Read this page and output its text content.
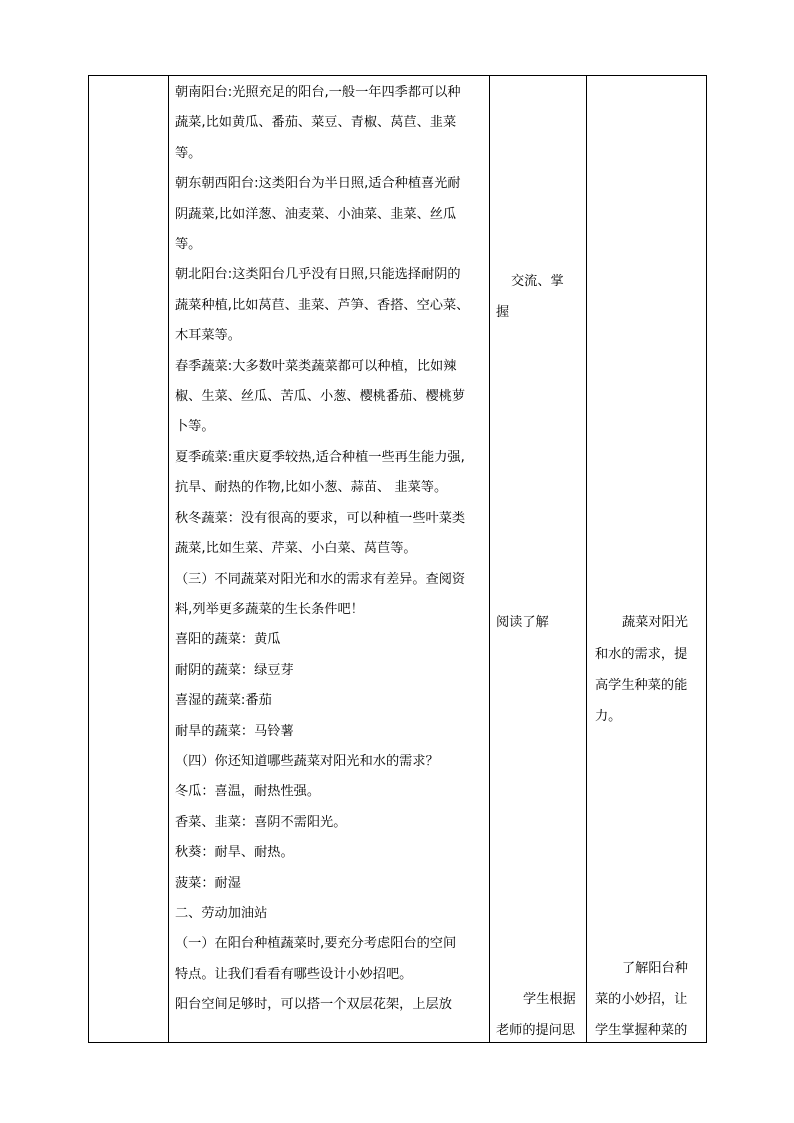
朝南阳台:光照充足的阳台,一般一年四季都可以种

蔬菜,比如黄瓜、番茄、菜豆、青椒、莴苣、韭菜

等。

朝东朝西阳台:这类阳台为半日照,适合种植喜光耐

阴蔬菜,比如洋葱、油麦菜、小油菜、韭菜、丝瓜

等。

朝北阳台:这类阳台几乎没有日照,只能选择耐阴的

蔬菜种植,比如莴苣、韭菜、芦笋、香搭、空心菜、

木耳菜等。

春季蔬菜:大多数叶菜类蔬菜都可以种植，比如辣

椒、生菜、丝瓜、苦瓜、小葱、樱桃番茄、樱桃萝

卜等。

夏季疏菜:重庆夏季较热,适合种植一些再生能力强,

抗旱、耐热的作物,比如小葱、蒜苗、 韭菜等。

秋冬蔬菜：没有很高的要求，可以种植一些叶菜类

蔬菜,比如生菜、芹菜、小白菜、莴苣等。

（三）不同蔬菜对阳光和水的需求有差异。查阅资

料,列举更多蔬菜的生长条件吧！

喜阳的蔬菜：黄瓜

耐阴的蔬菜：绿豆芽

喜湿的蔬菜:番茄

耐旱的蔬菜：马铃薯

（四）你还知道哪些蔬菜对阳光和水的需求？

冬瓜：喜温，耐热性强。

香菜、韭菜：喜阴不需阳光。

秋葵：耐旱、耐热。

菠菜：耐湿

二、劳动加油站

（一）在阳台种植蔬菜时,要充分考虑阳台的空间

特点。让我们看看有哪些设计小妙招吧。

阳台空间足够时，可以搭一个双层花架，上层放

交流、掌
握
阅读了解
学生根据
老师的提问思
蔬菜对阳光
和水的需求，提
高学生种菜的能
力。
了解阳台种
菜的小妙招，让
学生掌握种菜的
